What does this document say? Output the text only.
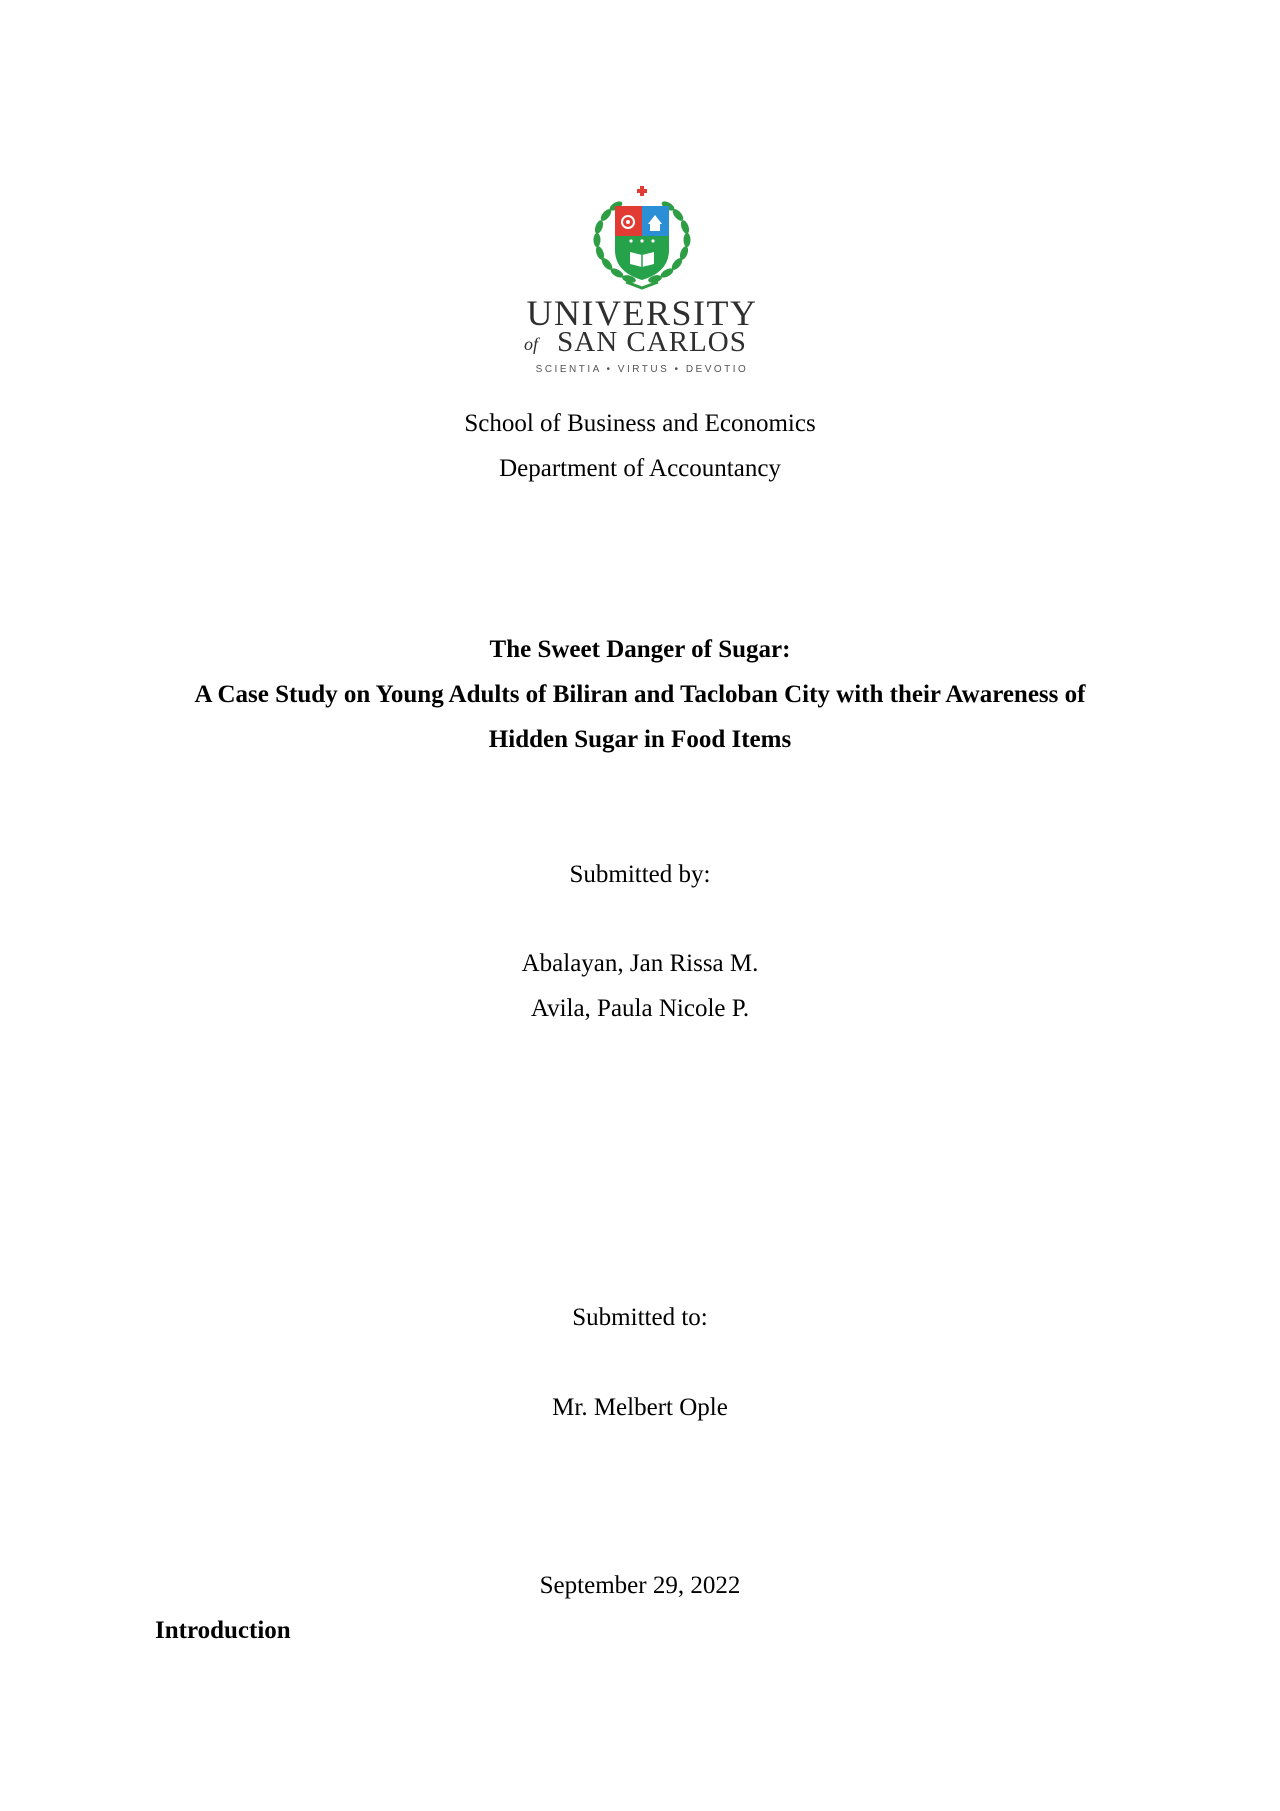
UNIVERSITY
of SAN CARLOS
SCIENTIA • VIRTUS • DEVOTIO
School of Business and Economics
Department of Accountancy
The Sweet Danger of Sugar:
A Case Study on Young Adults of Biliran and Tacloban City with their Awareness of
Hidden Sugar in Food Items
Submitted by:
Abalayan, Jan Rissa M.
Avila, Paula Nicole P.
Submitted to:
Mr. Melbert Ople
September 29, 2022
Introduction
